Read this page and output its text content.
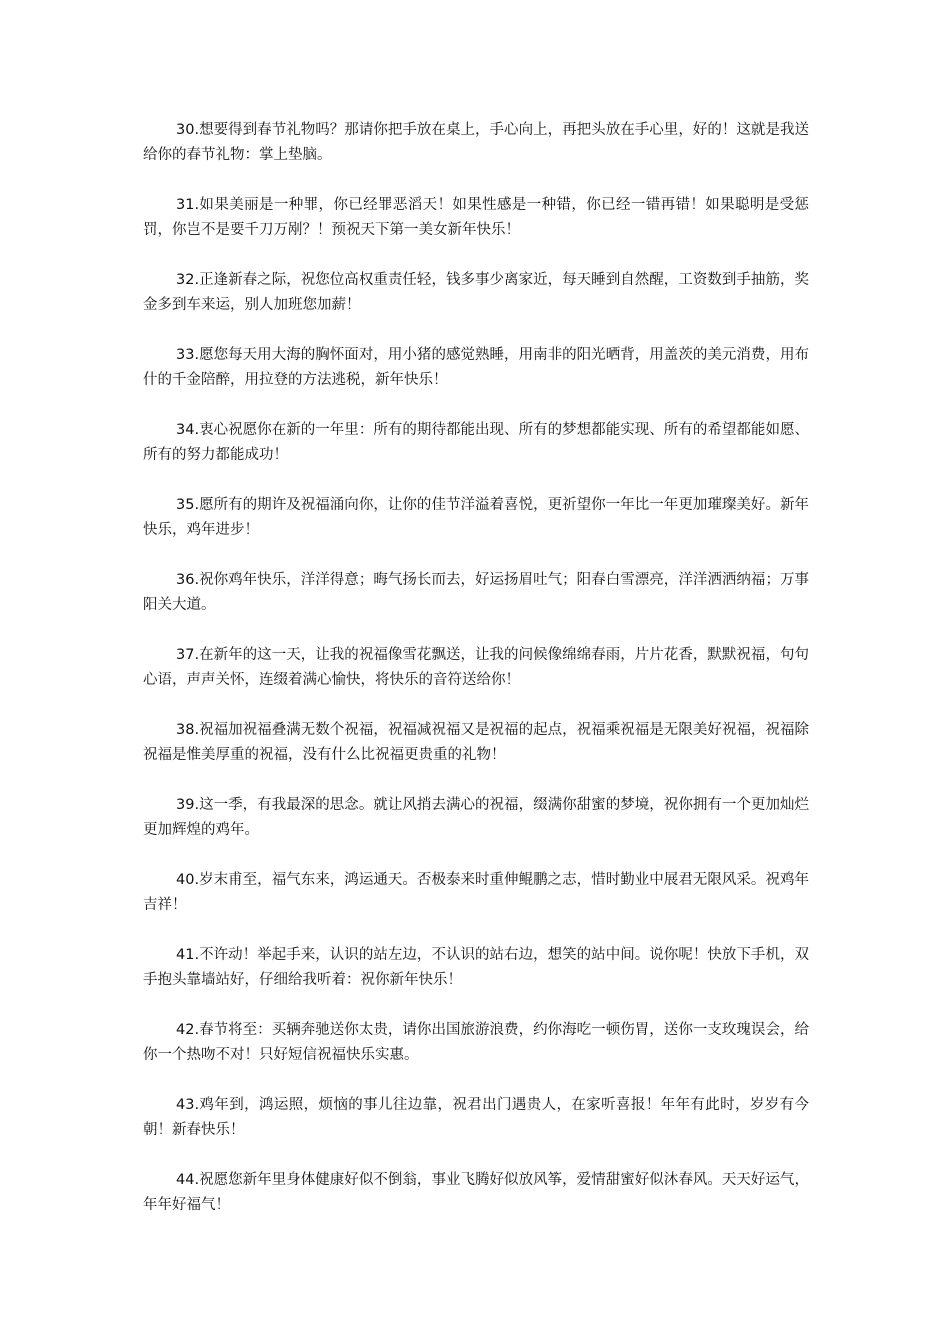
30.想要得到春节礼物吗？那请你把手放在桌上，手心向上，再把头放在手心里，好的！这就是我送给你的春节礼物：掌上垫脑。

31.如果美丽是一种罪，你已经罪恶滔天！如果性感是一种错，你已经一错再错！如果聪明是受惩罚，你岂不是要千刀万剐？！预祝天下第一美女新年快乐！

32.正逢新春之际，祝您位高权重责任轻，钱多事少离家近，每天睡到自然醒，工资数到手抽筋，奖金多到车来运，别人加班您加薪！

33.愿您每天用大海的胸怀面对，用小猪的感觉熟睡，用南非的阳光晒背，用盖茨的美元消费，用布什的千金陪醉，用拉登的方法逃税，新年快乐！

34.衷心祝愿你在新的一年里：所有的期待都能出现、所有的梦想都能实现、所有的希望都能如愿、所有的努力都能成功！

35.愿所有的期许及祝福涌向你，让你的佳节洋溢着喜悦，更祈望你一年比一年更加璀璨美好。新年快乐，鸡年进步！

36.祝你鸡年快乐，洋洋得意；晦气扬长而去，好运扬眉吐气；阳春白雪漂亮，洋洋洒洒纳福；万事阳关大道。

37.在新年的这一天，让我的祝福像雪花飘送，让我的问候像绵绵春雨，片片花香，默默祝福，句句心语，声声关怀，连缀着满心愉快，将快乐的音符送给你！

38.祝福加祝福叠满无数个祝福，祝福减祝福又是祝福的起点，祝福乘祝福是无限美好祝福，祝福除祝福是惟美厚重的祝福，没有什么比祝福更贵重的礼物！

39.这一季，有我最深的思念。就让风捎去满心的祝福，缀满你甜蜜的梦境，祝你拥有一个更加灿烂更加辉煌的鸡年。

40.岁末甫至，福气东来，鸿运通天。否极泰来时重伸鲲鹏之志，惜时勤业中展君无限风采。祝鸡年吉祥！

41.不许动！举起手来，认识的站左边，不认识的站右边，想笑的站中间。说你呢！快放下手机，双手抱头靠墙站好，仔细给我听着：祝你新年快乐！

42.春节将至：买辆奔驰送你太贵，请你出国旅游浪费，约你海吃一顿伤胃，送你一支玫瑰误会，给你一个热吻不对！只好短信祝福快乐实惠。

43.鸡年到，鸿运照，烦恼的事儿往边靠，祝君出门遇贵人，在家听喜报！年年有此时，岁岁有今朝！新春快乐！

44.祝愿您新年里身体健康好似不倒翁，事业飞腾好似放风筝，爱情甜蜜好似沐春风。天天好运气，年年好福气！
